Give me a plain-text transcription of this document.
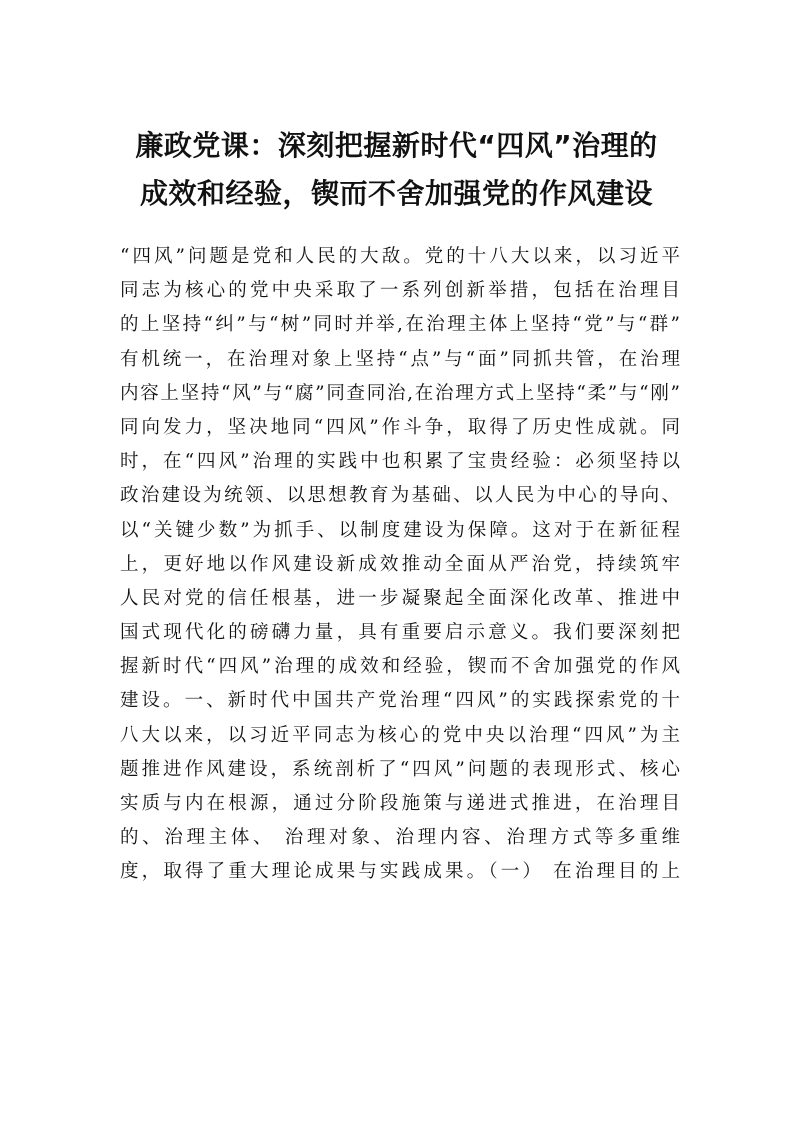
廉政党课：深刻把握新时代“四风”治理的
成效和经验，锲而不舍加强党的作风建设
“四风”问题是党和人民的大敌。党的十八大以来，以习近平
同志为核心的党中央采取了一系列创新举措，包括在治理目
的上坚持“纠”与“树”同时并举,在治理主体上坚持“党”与“群”
有机统一，在治理对象上坚持“点”与“面”同抓共管，在治理
内容上坚持“风”与“腐”同查同治,在治理方式上坚持“柔”与“刚”
同向发力，坚决地同“四风”作斗争，取得了历史性成就。同
时，在“四风”治理的实践中也积累了宝贵经验：必须坚持以
政治建设为统领、以思想教育为基础、以人民为中心的导向、
以“关键少数”为抓手、以制度建设为保障。这对于在新征程
上，更好地以作风建设新成效推动全面从严治党，持续筑牢
人民对党的信任根基，进一步凝聚起全面深化改革、推进中
国式现代化的磅礴力量，具有重要启示意义。我们要深刻把
握新时代“四风”治理的成效和经验，锲而不舍加强党的作风
建设。一、新时代中国共产党治理“四风”的实践探索党的十
八大以来，以习近平同志为核心的党中央以治理“四风”为主
题推进作风建设，系统剖析了“四风”问题的表现形式、核心
实质与内在根源，通过分阶段施策与递进式推进，在治理目
的、治理主体、 治理对象、治理内容、治理方式等多重维
度，取得了重大理论成果与实践成果。（一） 在治理目的上
